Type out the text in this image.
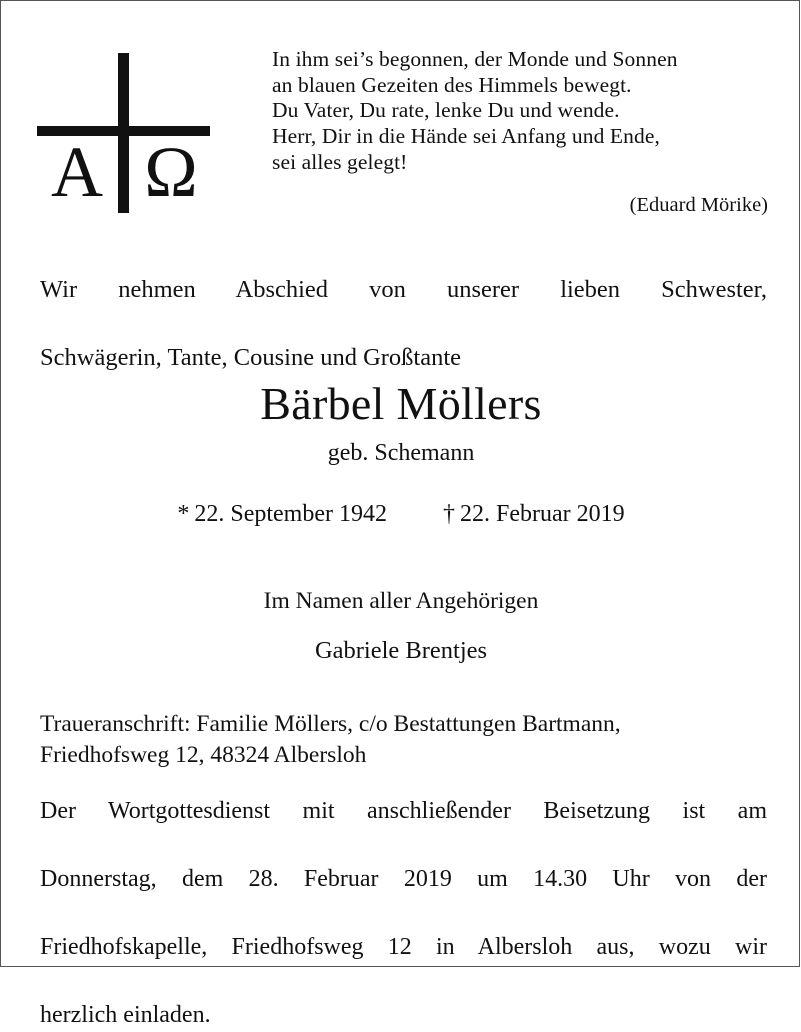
Α Ω
In ihm sei’s begonnen, der Monde und Sonnen
an blauen Gezeiten des Himmels bewegt.
Du Vater, Du rate, lenke Du und wende.
Herr, Dir in die Hände sei Anfang und Ende,
sei alles gelegt!
(Eduard Mörike)
Wir nehmen Abschied von unserer lieben Schwester,
Schwägerin, Tante, Cousine und Großtante
Bärbel Möllers
geb. Schemann
* 22. September 1942 † 22. Februar 2019
Im Namen aller Angehörigen
Gabriele Brentjes
Traueranschrift: Familie Möllers, c/o Bestattungen Bartmann,
Friedhofsweg 12, 48324 Albersloh
Der Wortgottesdienst mit anschließender Beisetzung ist am
Donnerstag, dem 28. Februar 2019 um 14.30 Uhr von der
Friedhofskapelle, Friedhofsweg 12 in Albersloh aus, wozu wir
herzlich einladen.
